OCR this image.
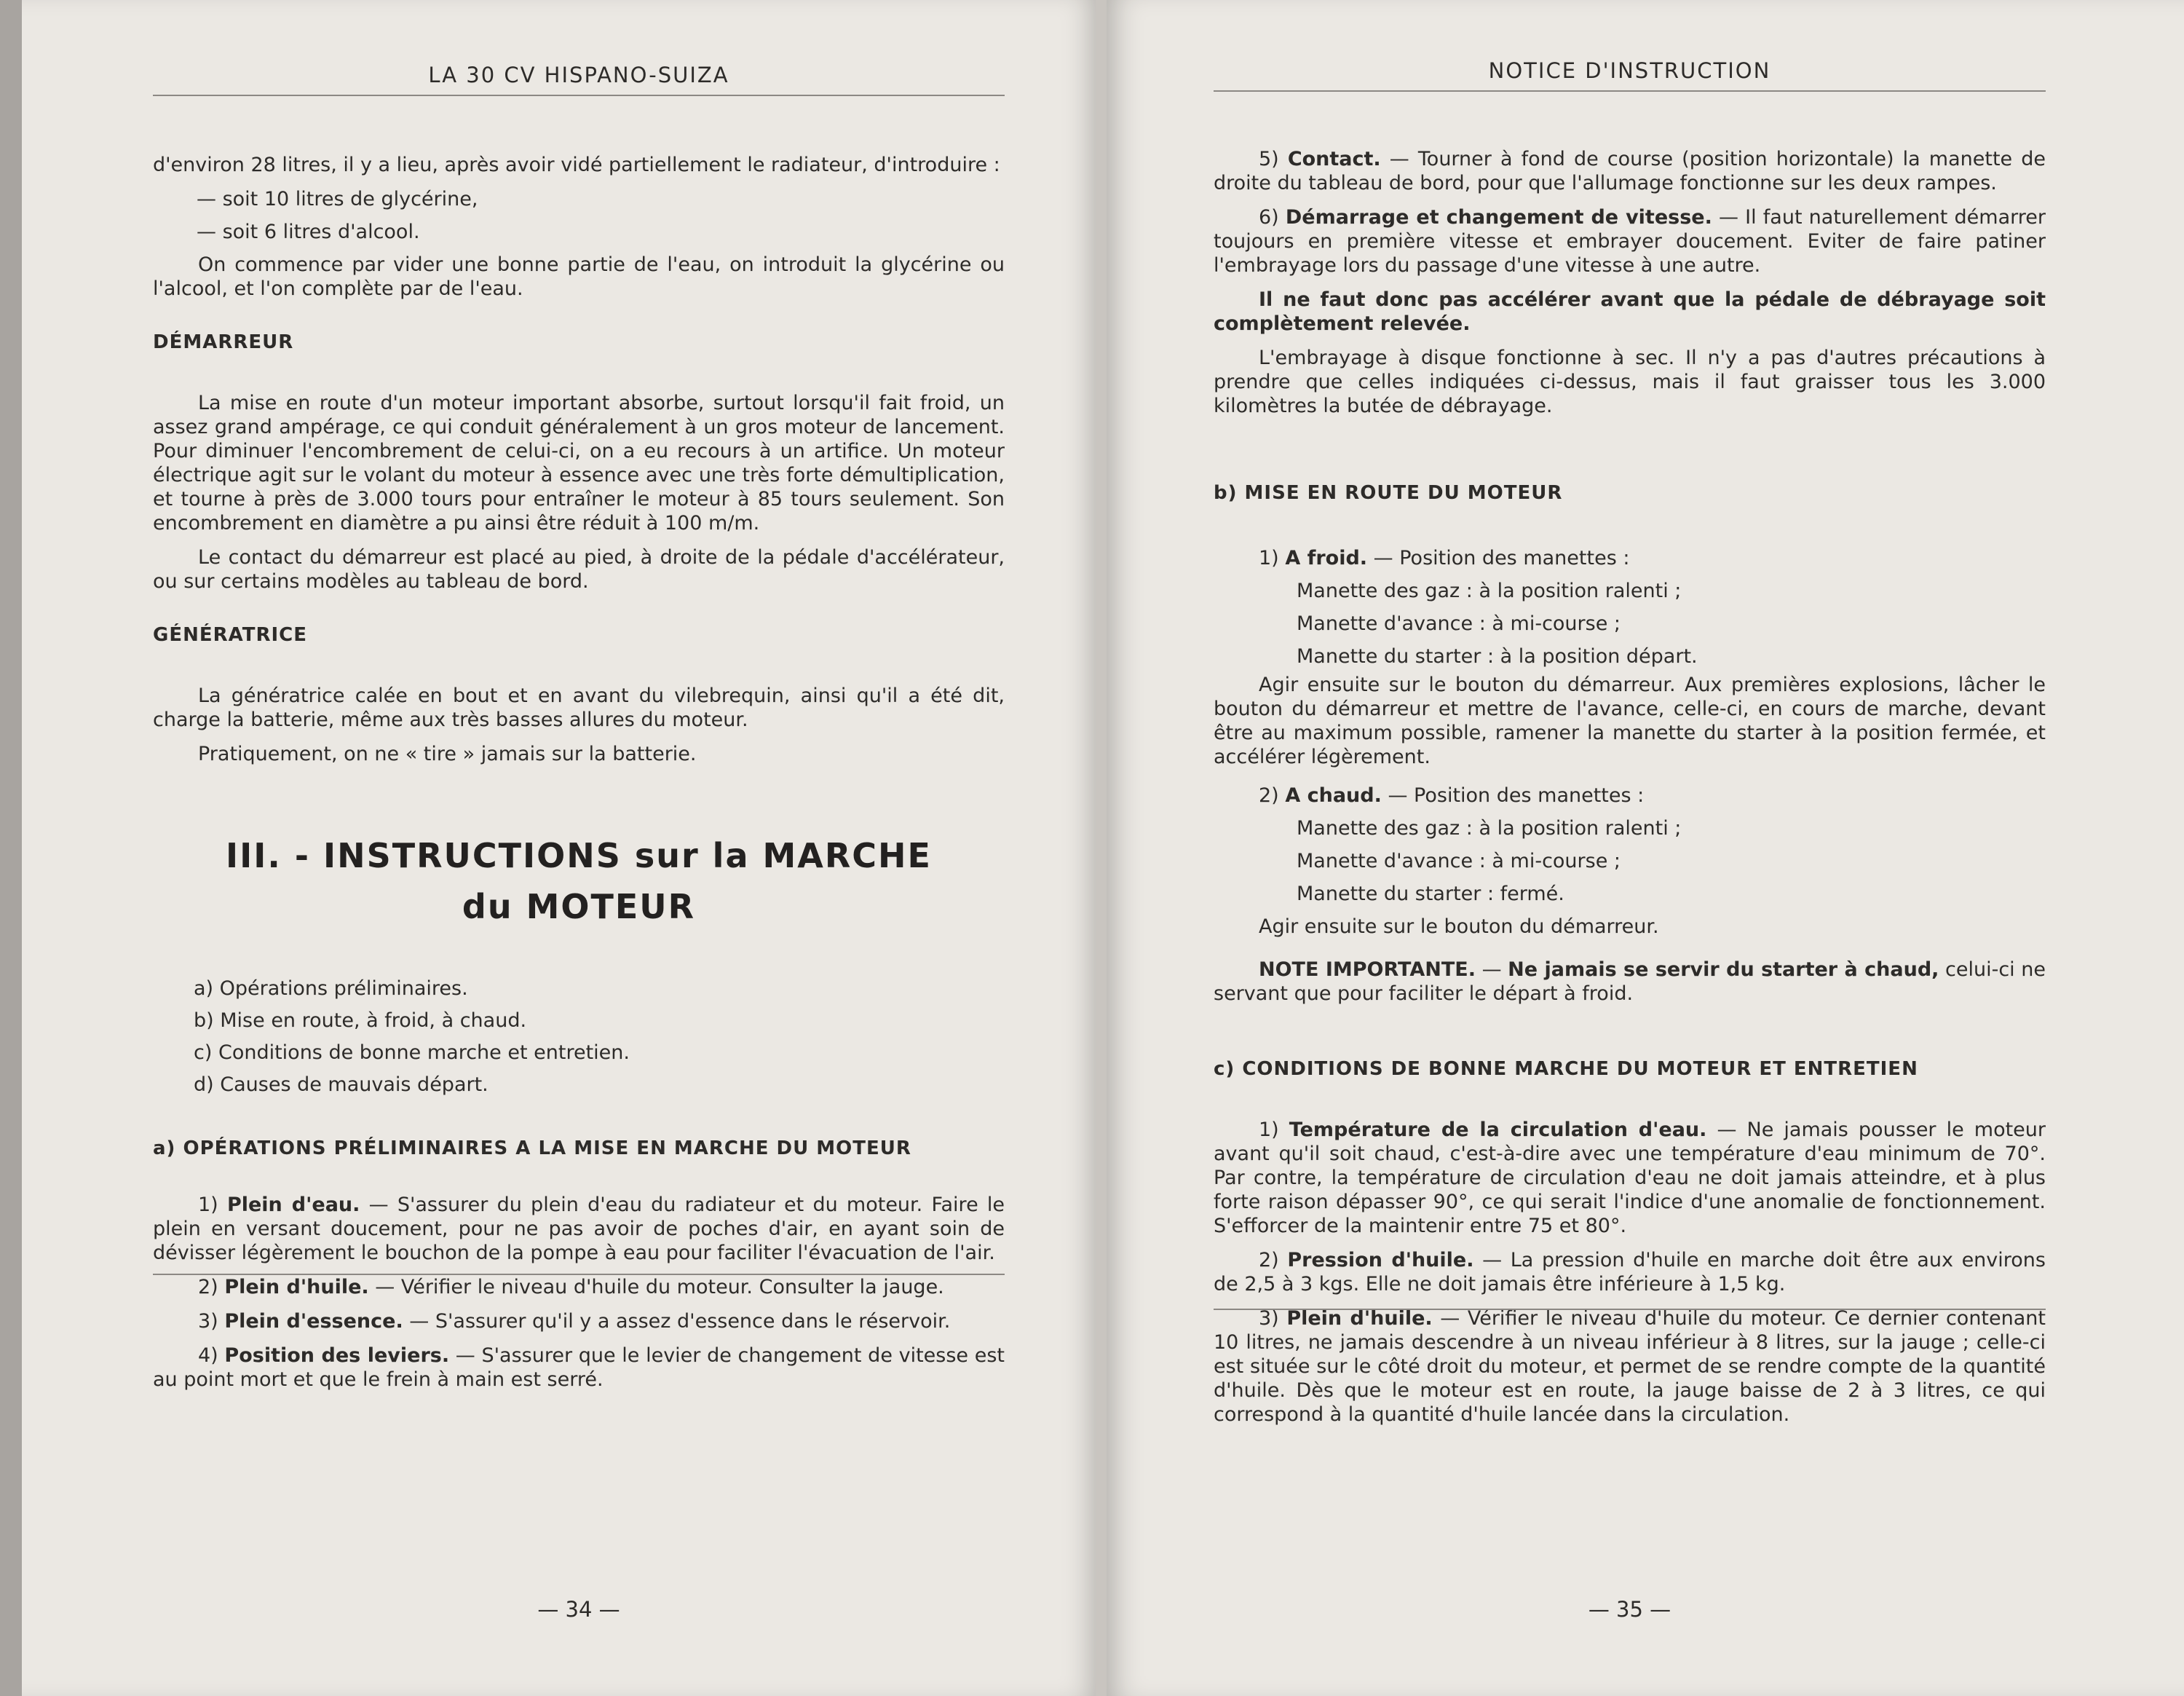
LA 30 CV HISPANO-SUIZA

d'environ 28 litres, il y a lieu, après avoir vidé partiellement le radiateur, d'introduire :

— soit 10 litres de glycérine,
— soit 6 litres d'alcool.

On commence par vider une bonne partie de l'eau, on introduit la glycérine ou l'alcool, et l'on complète par de l'eau.

DÉMARREUR

La mise en route d'un moteur important absorbe, surtout lorsqu'il fait froid, un assez grand ampérage, ce qui conduit généralement à un gros moteur de lancement. Pour diminuer l'encombrement de celui-ci, on a eu recours à un artifice. Un moteur électrique agit sur le volant du moteur à essence avec une très forte démultiplication, et tourne à près de 3.000 tours pour entraîner le moteur à 85 tours seulement. Son encombrement en diamètre a pu ainsi être réduit à 100 m/m.

Le contact du démarreur est placé au pied, à droite de la pédale d'accélérateur, ou sur certains modèles au tableau de bord.

GÉNÉRATRICE

La génératrice calée en bout et en avant du vilebrequin, ainsi qu'il a été dit, charge la batterie, même aux très basses allures du moteur.

Pratiquement, on ne « tire » jamais sur la batterie.

III. - INSTRUCTIONS sur la MARCHE
du MOTEUR
a) Opérations préliminaires.
b) Mise en route, à froid, à chaud.
c) Conditions de bonne marche et entretien.
d) Causes de mauvais départ.
a) OPÉRATIONS PRÉLIMINAIRES A LA MISE EN MARCHE DU MOTEUR

1) Plein d'eau. — S'assurer du plein d'eau du radiateur et du moteur. Faire le plein en versant doucement, pour ne pas avoir de poches d'air, en ayant soin de dévisser légèrement le bouchon de la pompe à eau pour faciliter l'évacuation de l'air.

2) Plein d'huile. — Vérifier le niveau d'huile du moteur. Consulter la jauge.

3) Plein d'essence. — S'assurer qu'il y a assez d'essence dans le réservoir.

4) Position des leviers. — S'assurer que le levier de changement de vitesse est au point mort et que le frein à main est serré.

— 34 —
NOTICE D'INSTRUCTION

5) Contact. — Tourner à fond de course (position horizontale) la manette de droite du tableau de bord, pour que l'allumage fonctionne sur les deux rampes.

6) Démarrage et changement de vitesse. — Il faut naturellement démarrer toujours en première vitesse et embrayer doucement. Eviter de faire patiner l'embrayage lors du passage d'une vitesse à une autre.

Il ne faut donc pas accélérer avant que la pédale de débrayage soit complètement relevée.

L'embrayage à disque fonctionne à sec. Il n'y a pas d'autres précautions à prendre que celles indiquées ci-dessus, mais il faut graisser tous les 3.000 kilomètres la butée de débrayage.

b) MISE EN ROUTE DU MOTEUR

1) A froid. — Position des manettes :

Manette des gaz : à la position ralenti ;
Manette d'avance : à mi-course ;
Manette du starter : à la position départ.

Agir ensuite sur le bouton du démarreur. Aux premières explosions, lâcher le bouton du démarreur et mettre de l'avance, celle-ci, en cours de marche, devant être au maximum possible, ramener la manette du starter à la position fermée, et accélérer légèrement.

2) A chaud. — Position des manettes :

Manette des gaz : à la position ralenti ;
Manette d'avance : à mi-course ;
Manette du starter : fermé.

Agir ensuite sur le bouton du démarreur.

NOTE IMPORTANTE. — Ne jamais se servir du starter à chaud, celui-ci ne servant que pour faciliter le départ à froid.

c) CONDITIONS DE BONNE MARCHE DU MOTEUR ET ENTRETIEN

1) Température de la circulation d'eau. — Ne jamais pousser le moteur avant qu'il soit chaud, c'est-à-dire avec une température d'eau minimum de 70°. Par contre, la température de circulation d'eau ne doit jamais atteindre, et à plus forte raison dépasser 90°, ce qui serait l'indice d'une anomalie de fonctionnement. S'efforcer de la maintenir entre 75 et 80°.

2) Pression d'huile. — La pression d'huile en marche doit être aux environs de 2,5 à 3 kgs. Elle ne doit jamais être inférieure à 1,5 kg.

3) Plein d'huile. — Vérifier le niveau d'huile du moteur. Ce dernier contenant 10 litres, ne jamais descendre à un niveau inférieur à 8 litres, sur la jauge ; celle-ci est située sur le côté droit du moteur, et permet de se rendre compte de la quantité d'huile. Dès que le moteur est en route, la jauge baisse de 2 à 3 litres, ce qui correspond à la quantité d'huile lancée dans la circulation.

— 35 —
